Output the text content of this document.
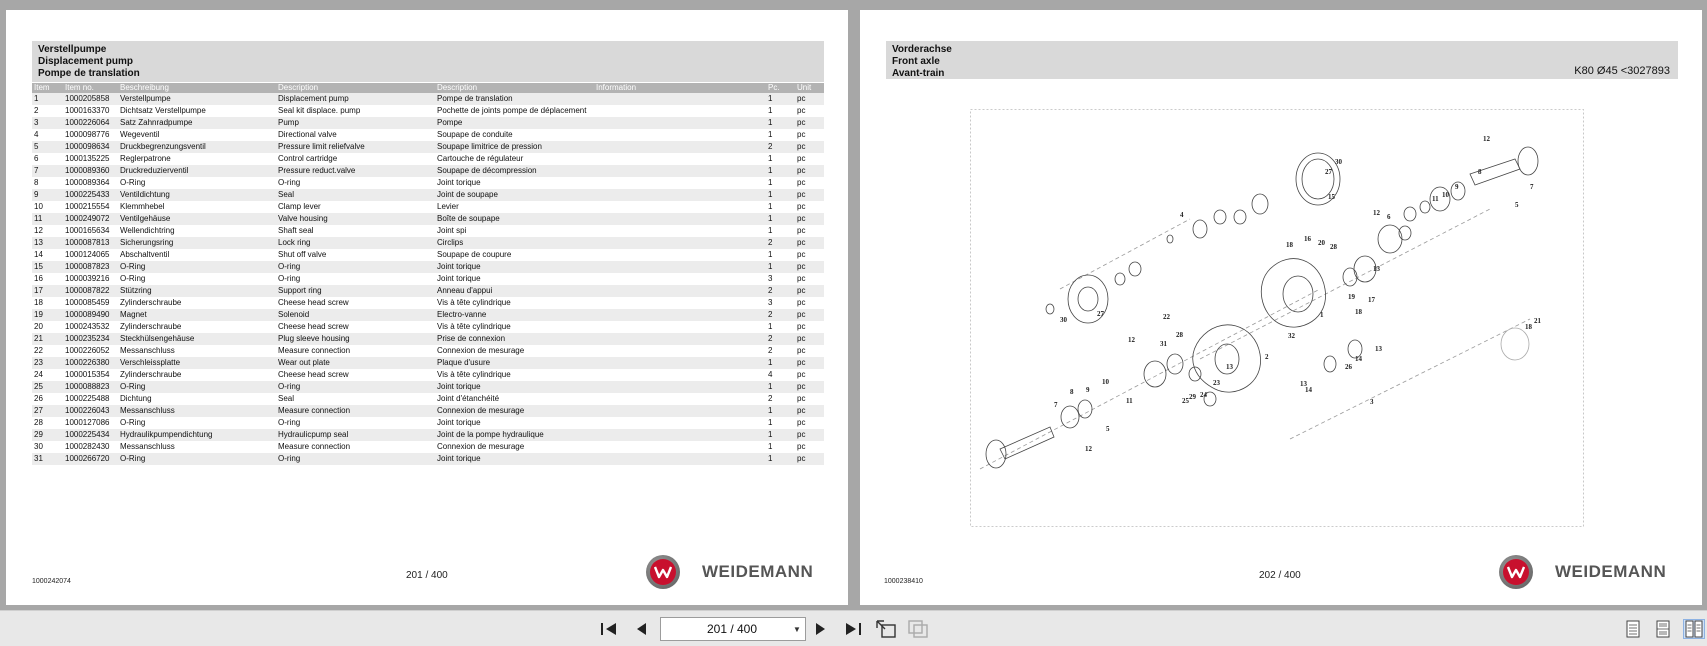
Verstellpumpe
Displacement pump
Pompe de translation
Item	Item no.	Beschreibung	Description	Description	Information	Pc.	Unit
1	1000205858	Verstellpumpe	Displacement pump	Pompe de translation		1	pc
2	1000163370	Dichtsatz Verstellpumpe	Seal kit displace. pump	Pochette de joints pompe de déplacement		1	pc
3	1000226064	Satz Zahnradpumpe	Pump	Pompe		1	pc
4	1000098776	Wegeventil	Directional valve	Soupape de conduite		1	pc
5	1000098634	Druckbegrenzungsventil	Pressure limit reliefvalve	Soupape limitrice de pression		2	pc
6	1000135225	Reglerpatrone	Control cartridge	Cartouche de régulateur		1	pc
7	1000089360	Druckreduzierventil	Pressure reduct.valve	Soupape de décompression		1	pc
8	1000089364	O-Ring	O-ring	Joint torique		1	pc
9	1000225433	Ventildichtung	Seal	Joint de soupape		1	pc
10	1000215554	Klemmhebel	Clamp lever	Levier		1	pc
11	1000249072	Ventilgehäuse	Valve housing	Boîte de soupape		1	pc
12	1000165634	Wellendichtring	Shaft seal	Joint spi		1	pc
13	1000087813	Sicherungsring	Lock ring	Circlips		2	pc
14	1000124065	Abschaltventil	Shut off valve	Soupape de coupure		1	pc
15	1000087823	O-Ring	O-ring	Joint torique		1	pc
16	1000039216	O-Ring	O-ring	Joint torique		3	pc
17	1000087822	Stützring	Support ring	Anneau d'appui		2	pc
18	1000085459	Zylinderschraube	Cheese head screw	Vis à tête cylindrique		3	pc
19	1000089490	Magnet	Solenoid	Electro-vanne		2	pc
20	1000243532	Zylinderschraube	Cheese head screw	Vis à tête cylindrique		1	pc
21	1000235234	Steckhülsengehäuse	Plug sleeve housing	Prise de connexion		2	pc
22	1000226052	Messanschluss	Measure connection	Connexion de mesurage		2	pc
23	1000226380	Verschleissplatte	Wear out plate	Plaque d'usure		1	pc
24	1000015354	Zylinderschraube	Cheese head screw	Vis à tête cylindrique		4	pc
25	1000088823	O-Ring	O-ring	Joint torique		1	pc
26	1000225488	Dichtung	Seal	Joint d'étanchéité		2	pc
27	1000226043	Messanschluss	Measure connection	Connexion de mesurage		1	pc
28	1000127086	O-Ring	O-ring	Joint torique		1	pc
29	1000225434	Hydraulikpumpendichtung	Hydraulicpump seal	Joint de la pompe hydraulique		1	pc
30	1000282430	Messanschluss	Measure connection	Connexion de mesurage		1	pc
31	1000266720	O-Ring	O-ring	Joint torique		1	pc
1000242074
201 / 400	WEIDEMANN
Vorderachse
Front axle
Avant-train	K80 Ø45 <3027893
12
27
30
15
4
7
5
11 10
9
8
12 6
18
16 20 28
13
17
19
18
1
30
27	22
28
31
12	32
2
23
24
29
25
13
11
10
9
8
7
5
12
14
13
26
14
13
21
18
3
1000238410
202 / 400	WEIDEMANN
201 / 400	▼
